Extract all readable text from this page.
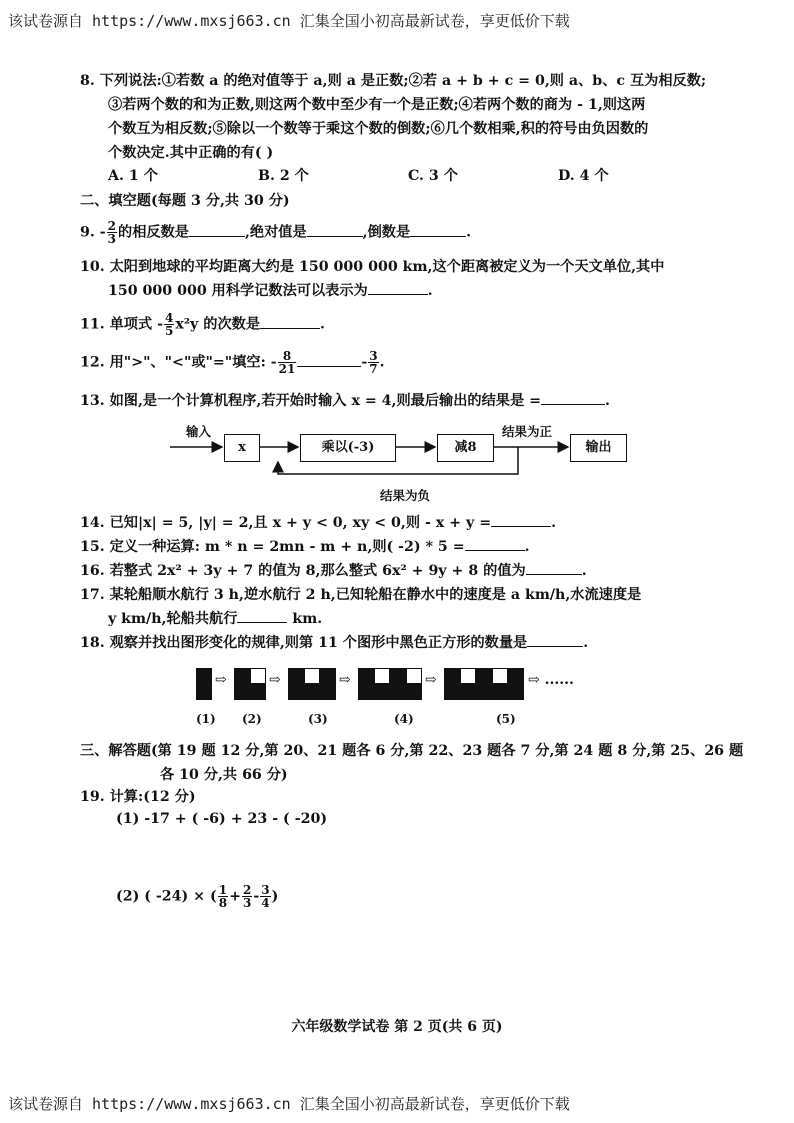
该试卷源自 https://www.mxsj663.cn 汇集全国小初高最新试卷，享更低价下载
8. 下列说法:①若数 a 的绝对值等于 a,则 a 是正数;②若 a + b + c = 0,则 a、b、c 互为相反数;
③若两个数的和为正数,则这两个数中至少有一个是正数;④若两个数的商为 - 1,则这两
个数互为相反数;⑤除以一个数等于乘这个数的倒数;⑥几个数相乘,积的符号由负因数的
个数决定.其中正确的有( )
A. 1 个	B. 2 个	C. 3 个	D. 4 个
二、填空题(每题 3 分,共 30 分)
9. - $\frac{2}{3}$ 的相反数是	,绝对值是	,倒数是	.
10. 太阳到地球的平均距离大约是 150 000 000 km,这个距离被定义为一个天文单位,其中
150 000 000 用科学记数法可以表示为	.
11. 单项式 - $\frac{4}{5} x^2y$ 的次数是	.
12. 用">"、"<"或"="填空: - $\frac{8}{21}$	- $\frac{3}{7}$ .
13. 如图,是一个计算机程序,若开始时输入 x = 4,则最后输出的结果是 =	.
x	乘以(-3)	减8	输出
输入	结果为正
结果为负
14. 已知|x| = 5, |y| = 2,且 x + y < 0, xy < 0,则 - x + y =	.
15. 定义一种运算: m * n = 2mn - m + n,则( -2) * 5 =	.
16. 若整式 2x² + 3y + 7 的值为 8,那么整式 6x² + 9y + 8 的值为	.
17. 某轮船顺水航行 3 h,逆水航行 2 h,已知轮船在静水中的速度是 a km/h,水流速度是
y km/h,轮船共航行	km.
18. 观察并找出图形变化的规律,则第 11 个图形中黑色正方形的数量是	.
⇨	⇨	⇨	⇨	⇨ ......
(1) (2)	(3)	(4)	(5)
三、解答题(第 19 题 12 分,第 20、21 题各 6 分,第 22、23 题各 7 分,第 24 题 8 分,第 25、26 题
各 10 分,共 66 分)
19. 计算:(12 分)
(1) -17 + ( -6) + 23 - ( -20)
(2) ( -24) × ( $\frac{1}{8} + \frac{2}{3} - \frac{3}{4}$ )
六年级数学试卷 第 2 页(共 6 页)
该试卷源自 https://www.mxsj663.cn 汇集全国小初高最新试卷，享更低价下载
